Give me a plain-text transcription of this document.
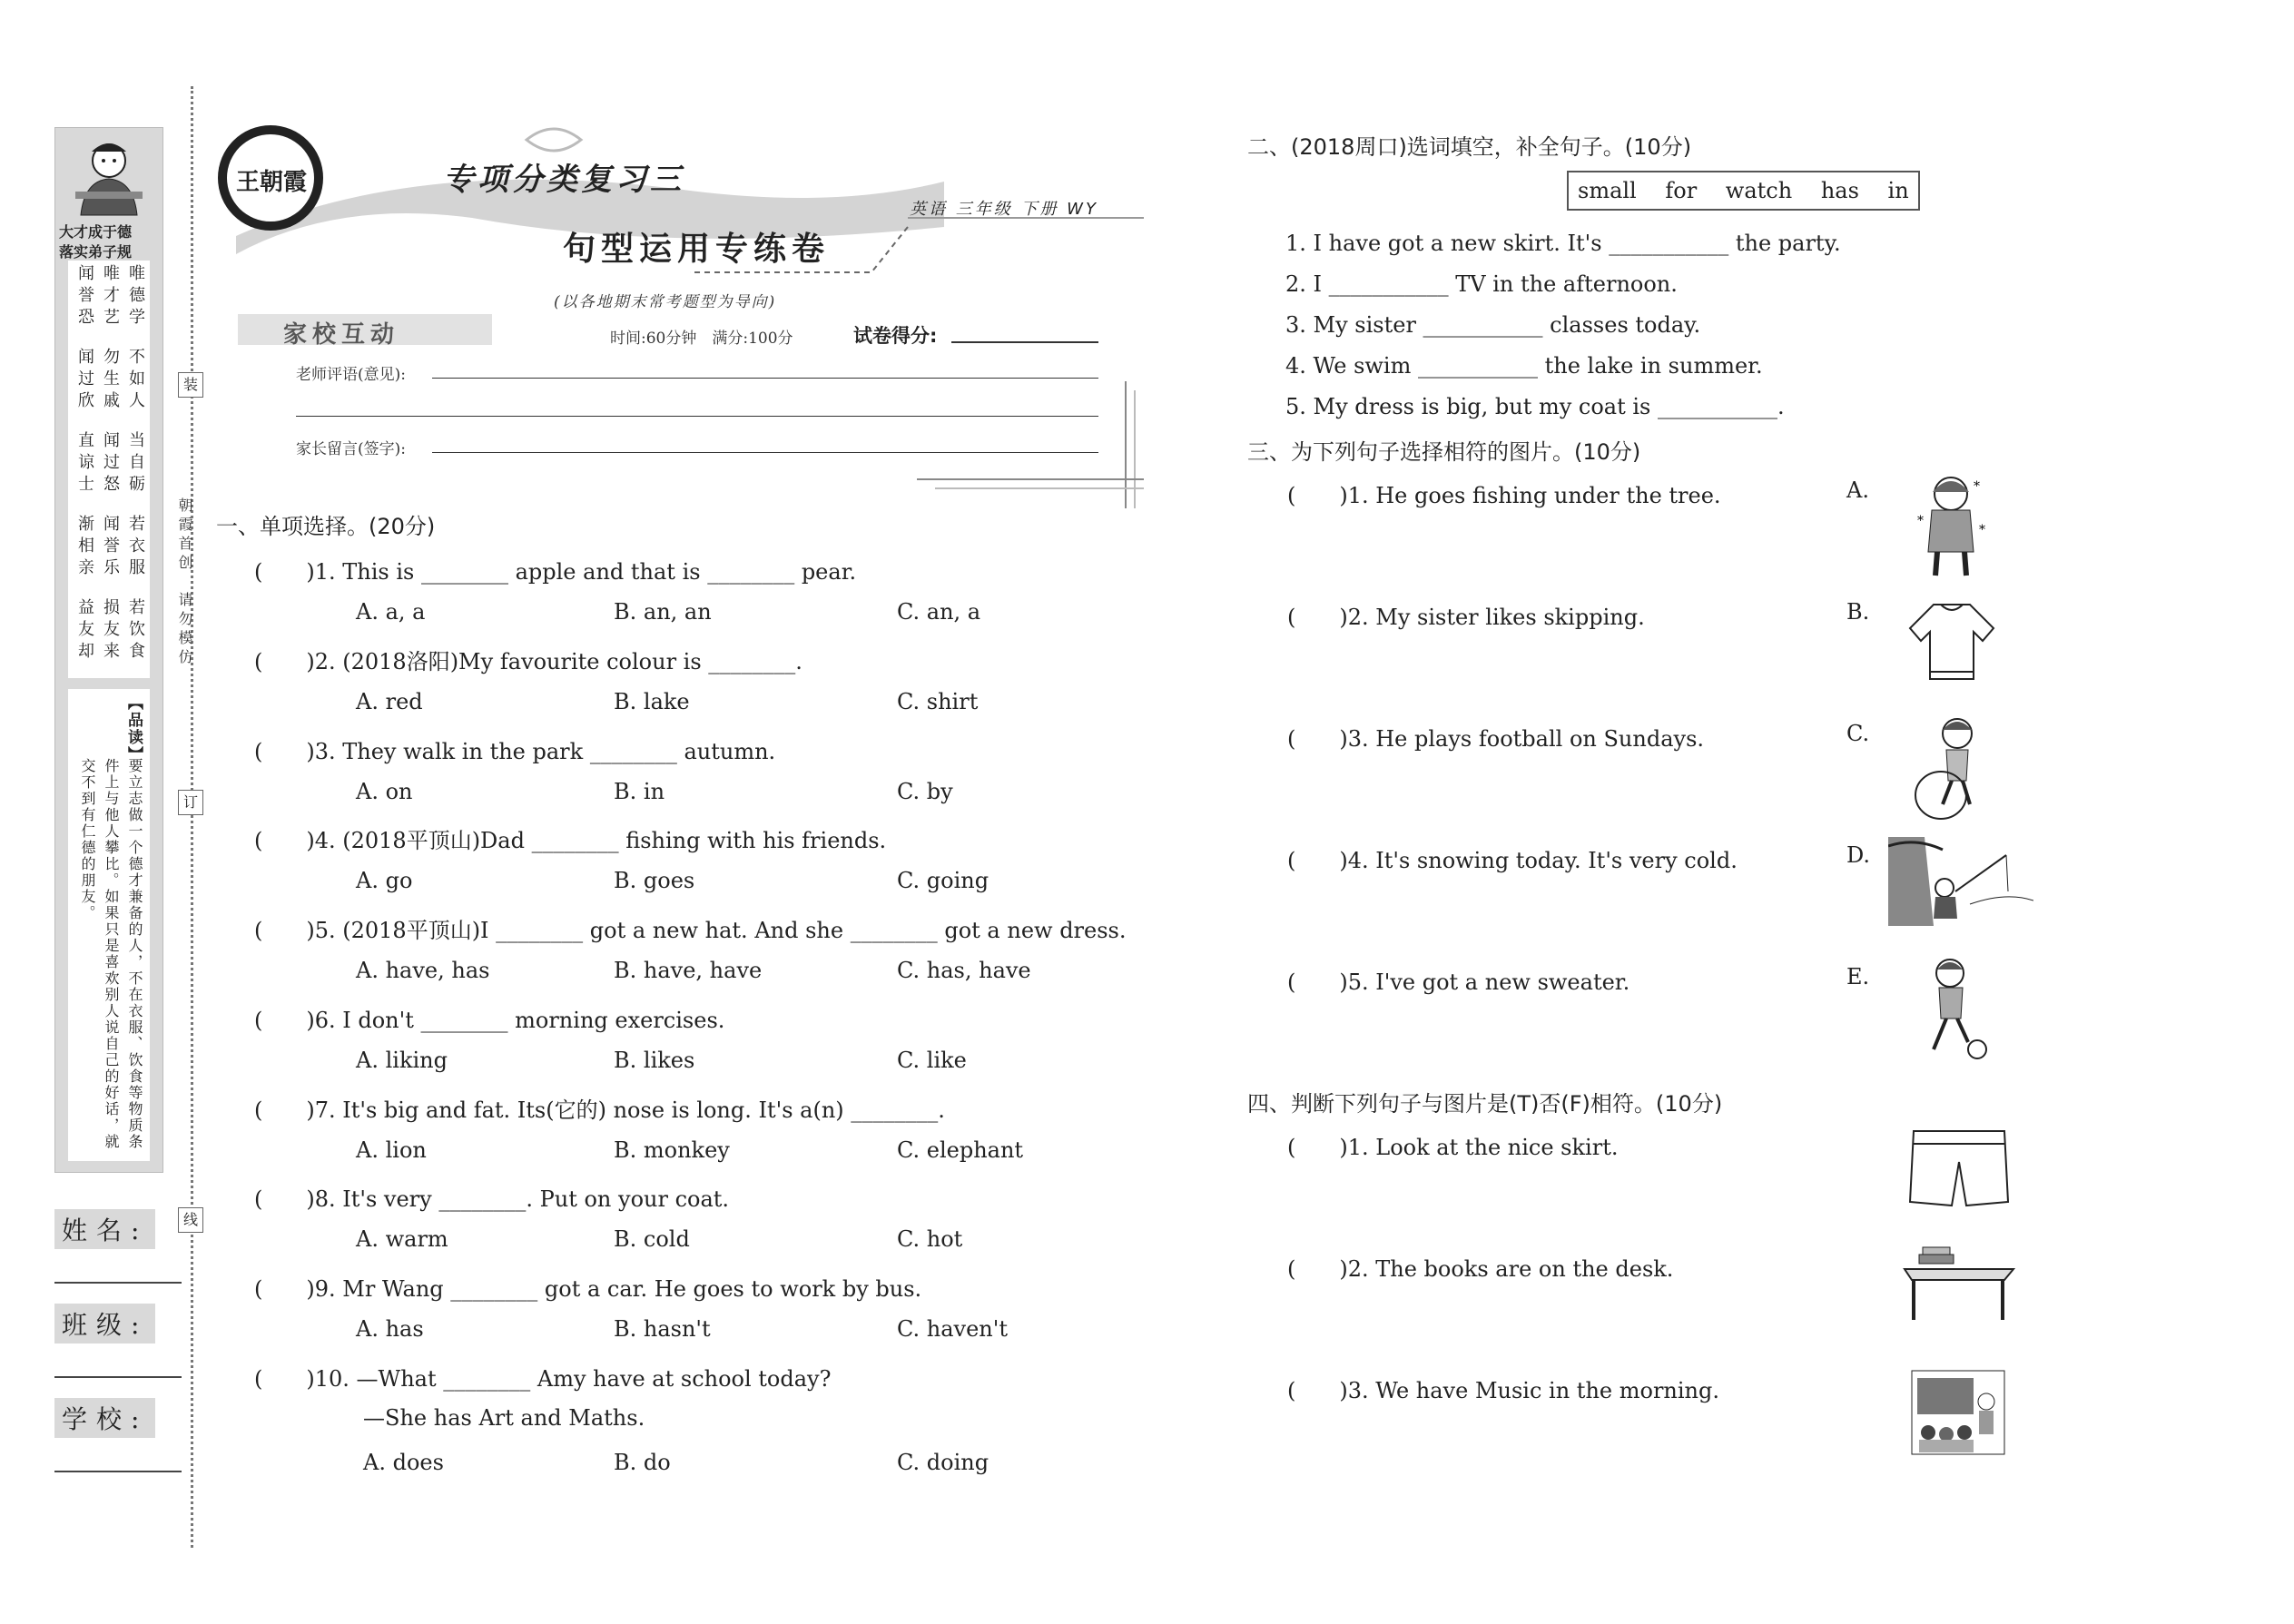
大才成于德
落实弟子规
唯德学
唯才艺
闻誉恐
不如人
勿生戚
闻过欣
当自砺
闻过怒
直谅士
若衣服
闻誉乐
渐相亲
若饮食
损友来
益友却
【品读】
要立志做一个德才兼备的人，不在衣服、饮食等物质条件上与他人攀比。如果只是喜欢别人说自己的好话，就交不到有仁德的朋友。
姓名:
班级:
学校:
装
订
线
朝霞首创
请勿模仿
王朝霞	专项分类复习三
英语 三年级 下册 WY
句型运用专练卷
(以各地期末常考题型为导向)
家校互动	时间:60分钟　满分:100分	试卷得分:
老师评语(意见):
家长留言(签字):
一、单项选择。(20分)
(　　)1. This is ________ apple and that is ________ pear.
A. a, a	B. an, an	C. an, a
(　　)2. (2018洛阳)My favourite colour is ________.
A. red	B. lake	C. shirt
(　　)3. They walk in the park ________ autumn.
A. on	B. in	C. by
(　　)4. (2018平顶山)Dad ________ fishing with his friends.
A. go	B. goes	C. going
(　　)5. (2018平顶山)I ________ got a new hat. And she ________ got a new dress.
A. have, has	B. have, have	C. has, have
(　　)6. I don't ________ morning exercises.
A. liking	B. likes	C. like
(　　)7. It's big and fat. Its(它的) nose is long. It's a(n) ________.
A. lion	B. monkey	C. elephant
(　　)8. It's very ________. Put on your coat.
A. warm	B. cold	C. hot
(　　)9. Mr Wang ________ got a car. He goes to work by bus.
A. has	B. hasn't	C. haven't
(　　)10. —What ________ Amy have at school today?
—She has Art and Maths.
A. does	B. do	C. doing
二、(2018周口)选词填空，补全句子。(10分)
small for watch has in
1. I have got a new skirt. It's ___________ the party.
2. I ___________ TV in the afternoon.
3. My sister ___________ classes today.
4. We swim ___________ the lake in summer.
5. My dress is big, but my coat is ___________.
三、为下列句子选择相符的图片。(10分)
(　　)1. He goes fishing under the tree.	A.	*
*
*
(　　)2. My sister likes skipping.	B.
(　　)3. He plays football on Sundays.	C.
(　　)4. It's snowing today. It's very cold.	D.
(　　)5. I've got a new sweater.	E.
四、判断下列句子与图片是(T)否(F)相符。(10分)
(　　)1. Look at the nice skirt.
(　　)2. The books are on the desk.
(　　)3. We have Music in the morning.
